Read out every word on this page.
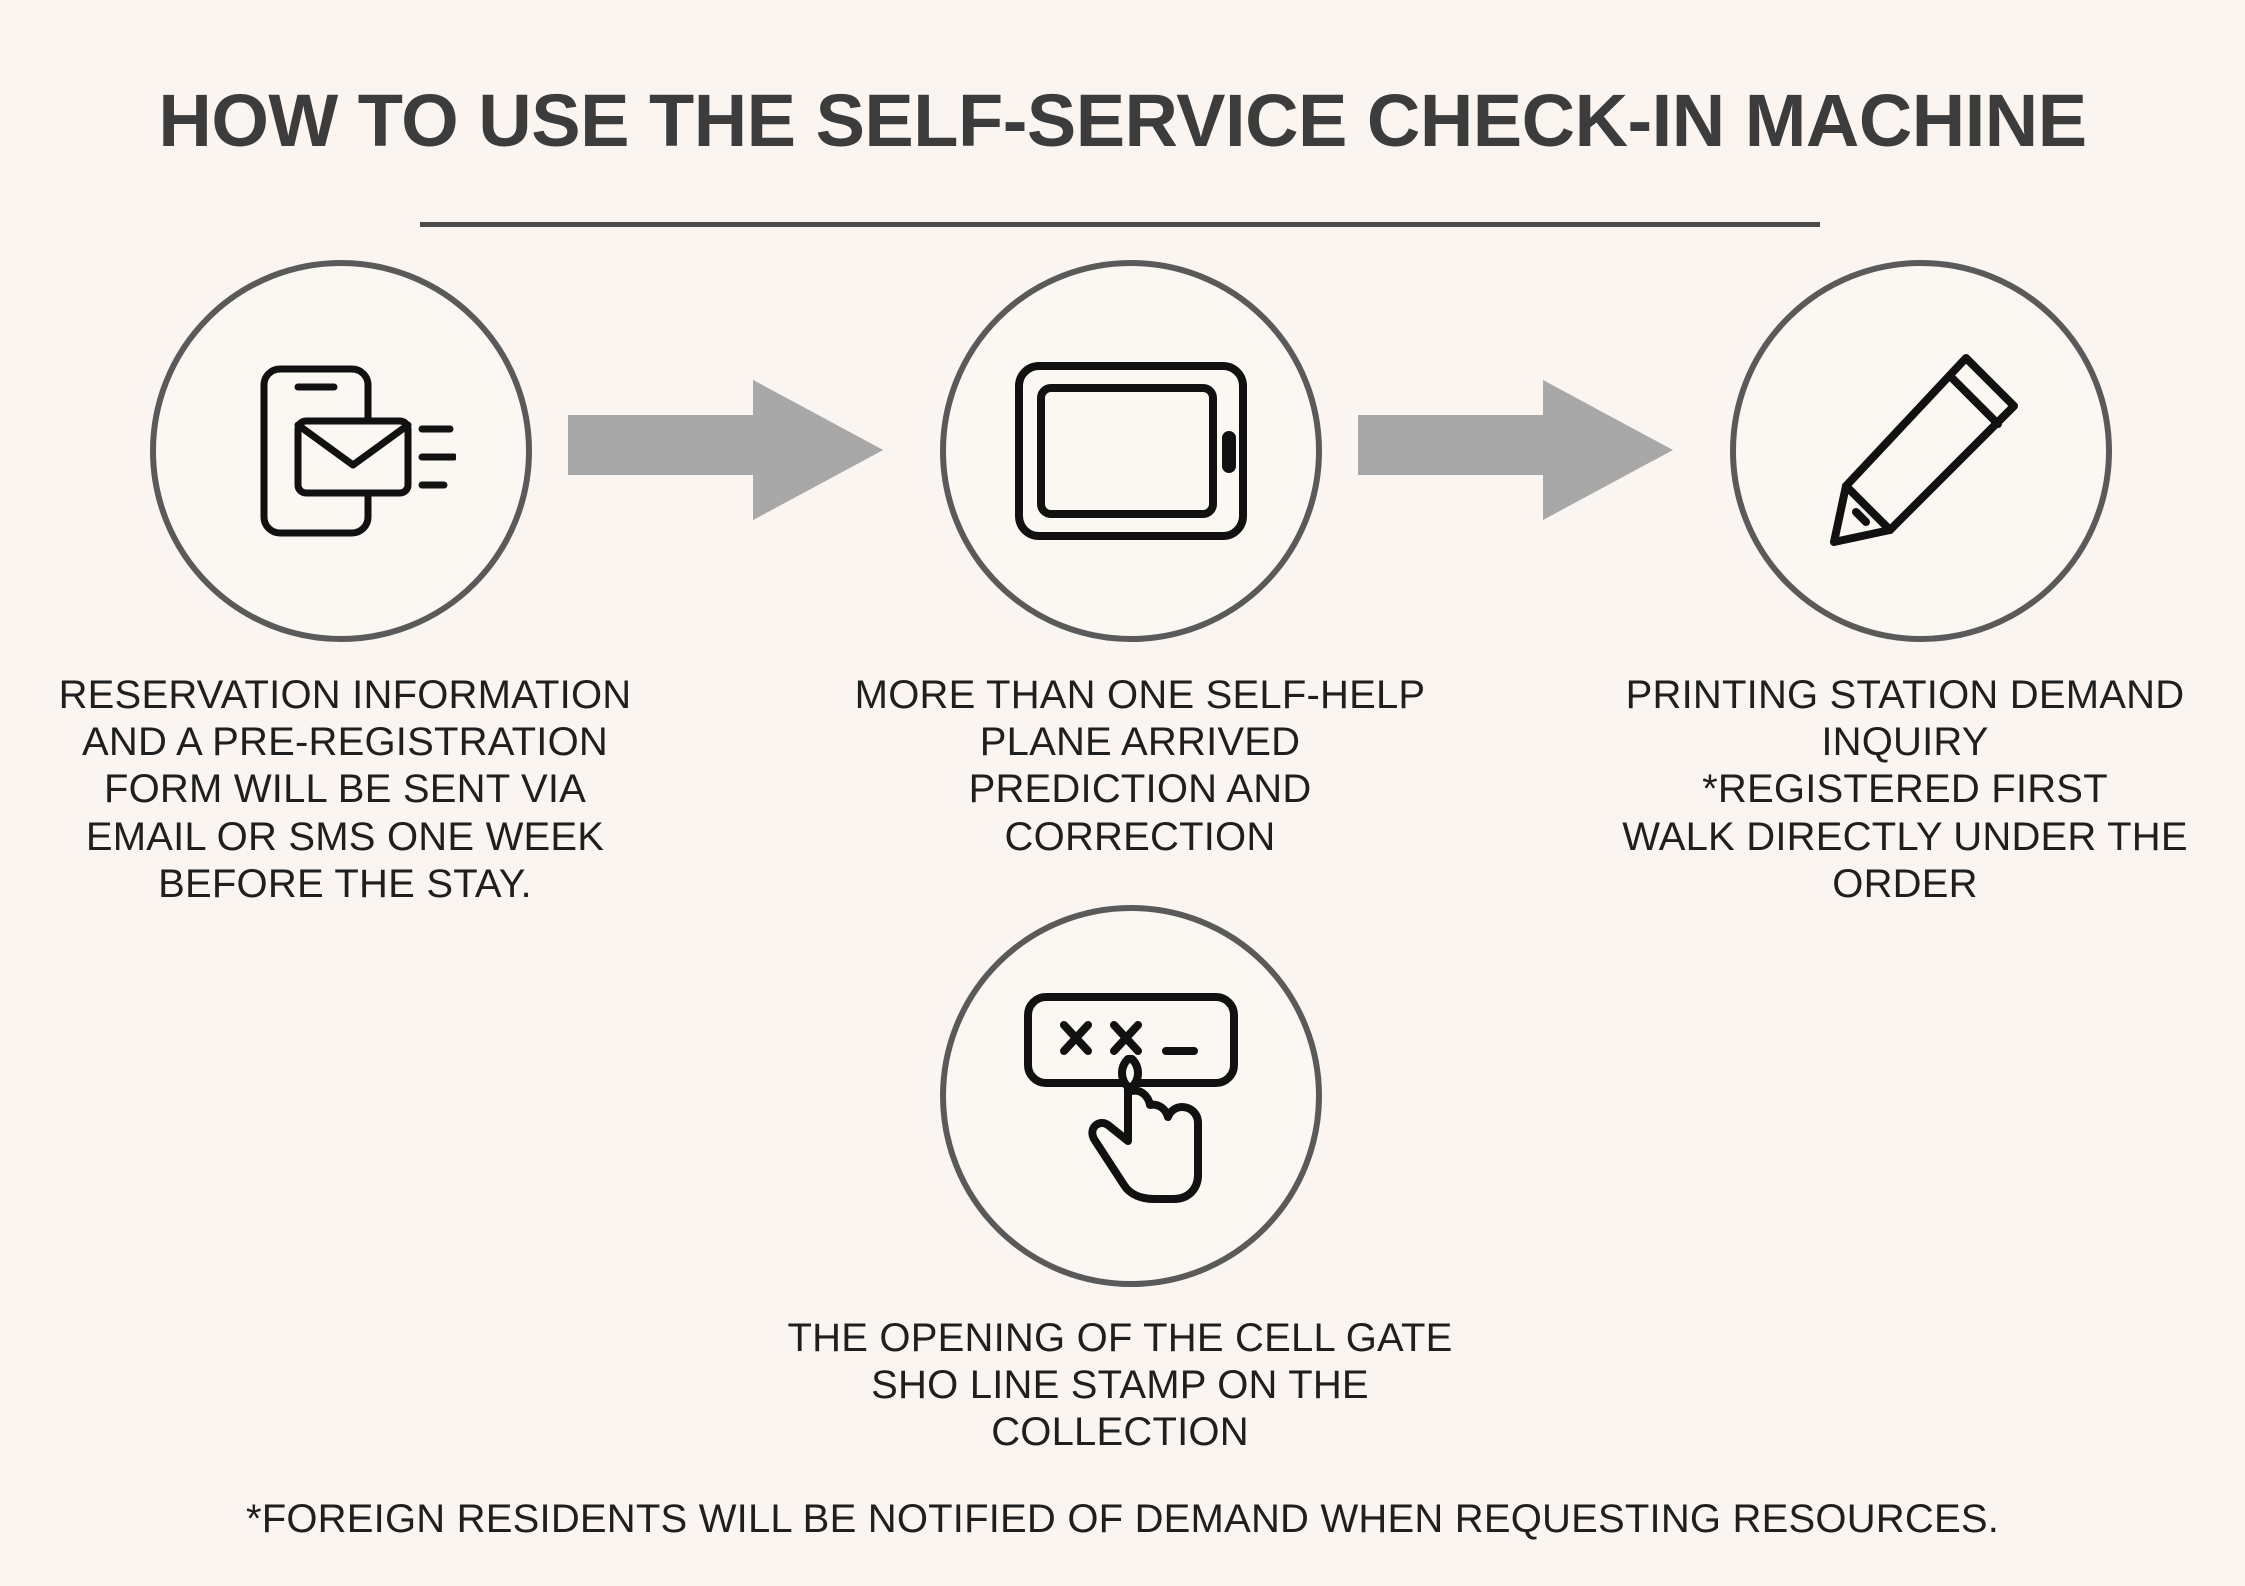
HOW TO USE THE SELF-SERVICE CHECK-IN MACHINE
RESERVATION INFORMATION
AND A PRE-REGISTRATION
FORM WILL BE SENT VIA
EMAIL OR SMS ONE WEEK
BEFORE THE STAY.
MORE THAN ONE SELF-HELP
PLANE ARRIVED
PREDICTION AND
CORRECTION
PRINTING STATION DEMAND
INQUIRY
*REGISTERED FIRST
WALK DIRECTLY UNDER THE
ORDER
THE OPENING OF THE CELL GATE
SHO LINE STAMP ON THE
COLLECTION
*FOREIGN RESIDENTS WILL BE NOTIFIED OF DEMAND WHEN REQUESTING RESOURCES.
